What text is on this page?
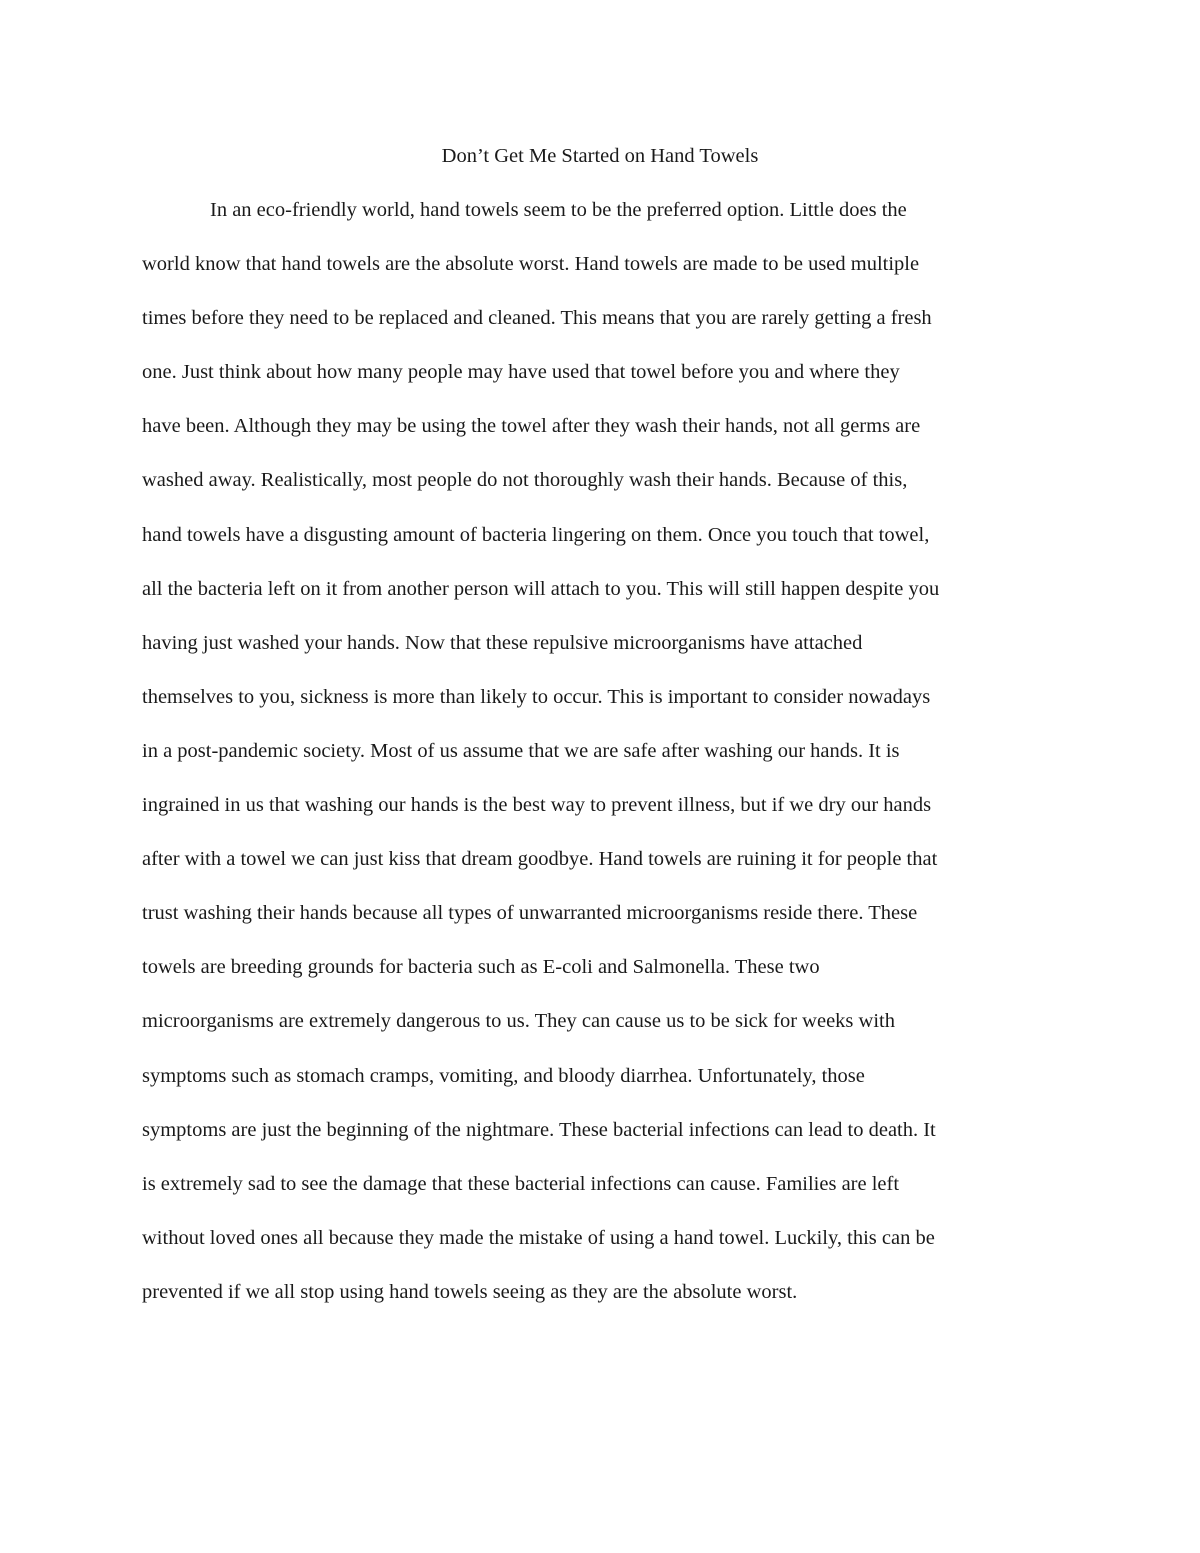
Don’t Get Me Started on Hand Towels
In an eco-friendly world, hand towels seem to be the preferred option. Little does the
world know that hand towels are the absolute worst. Hand towels are made to be used multiple
times before they need to be replaced and cleaned. This means that you are rarely getting a fresh
one. Just think about how many people may have used that towel before you and where they
have been. Although they may be using the towel after they wash their hands, not all germs are
washed away. Realistically, most people do not thoroughly wash their hands. Because of this,
hand towels have a disgusting amount of bacteria lingering on them. Once you touch that towel,
all the bacteria left on it from another person will attach to you. This will still happen despite you
having just washed your hands. Now that these repulsive microorganisms have attached
themselves to you, sickness is more than likely to occur. This is important to consider nowadays
in a post-pandemic society. Most of us assume that we are safe after washing our hands. It is
ingrained in us that washing our hands is the best way to prevent illness, but if we dry our hands
after with a towel we can just kiss that dream goodbye. Hand towels are ruining it for people that
trust washing their hands because all types of unwarranted microorganisms reside there. These
towels are breeding grounds for bacteria such as E-coli and Salmonella. These two
microorganisms are extremely dangerous to us. They can cause us to be sick for weeks with
symptoms such as stomach cramps, vomiting, and bloody diarrhea. Unfortunately, those
symptoms are just the beginning of the nightmare. These bacterial infections can lead to death. It
is extremely sad to see the damage that these bacterial infections can cause. Families are left
without loved ones all because they made the mistake of using a hand towel. Luckily, this can be
prevented if we all stop using hand towels seeing as they are the absolute worst.
